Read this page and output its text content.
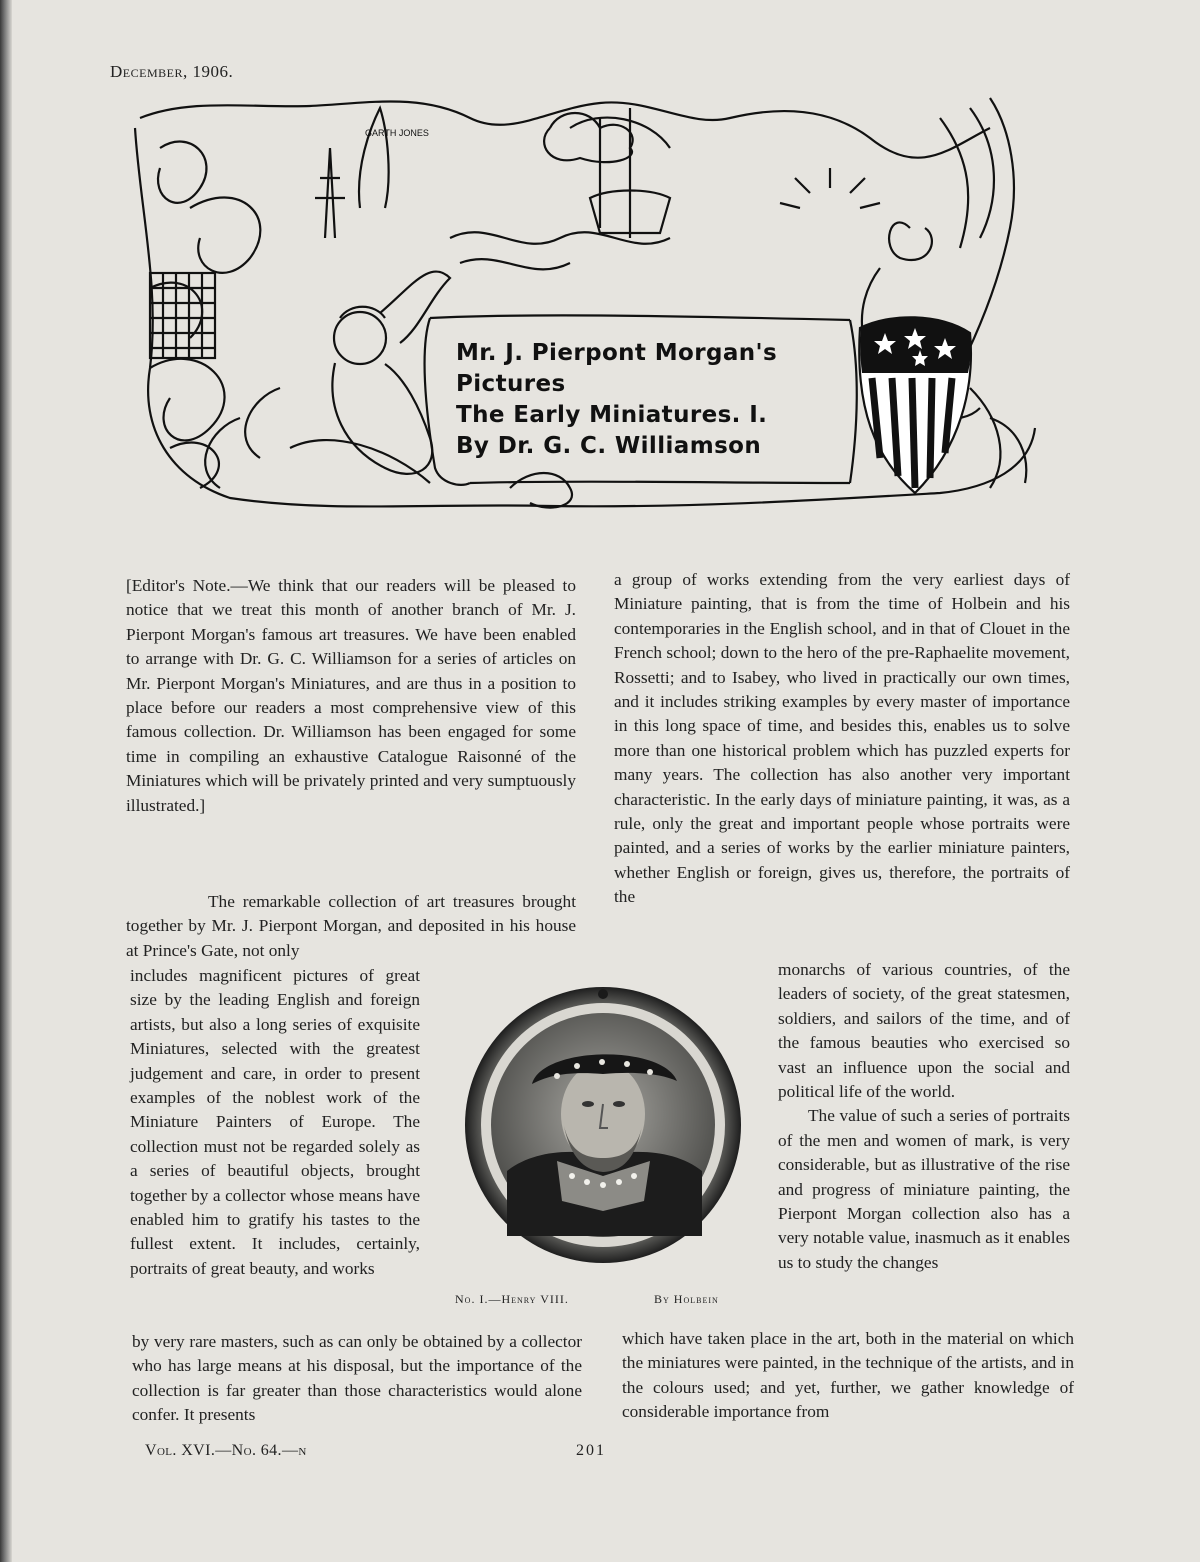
December, 1906.
GARTH JONES
Mr. J. Pierpont Morgan's
Pictures
The Early Miniatures. I.
By Dr. G. C. Williamson

[Editor's Note.—We think that our readers will be pleased to notice that we treat this month of another branch of Mr. J. Pierpont Morgan's famous art treasures. We have been enabled to arrange with Dr. G. C. Williamson for a series of articles on Mr. Pierpont Morgan's Miniatures, and are thus in a position to place before our readers a most comprehensive view of this famous collection. Dr. Williamson has been engaged for some time in compiling an exhaustive Catalogue Raisonné of the Miniatures which will be privately printed and very sumptuously illustrated.]

The remarkable collection of art treasures brought together by Mr. J. Pierpont Morgan, and deposited in his house at Prince's Gate, not only

includes magnificent pictures of great size by the leading English and foreign artists, but also a long series of exquisite Miniatures, selected with the greatest judgement and care, in order to present examples of the noblest work of the Miniature Painters of Europe. The collection must not be regarded solely as a series of beautiful objects, brought together by a collector whose means have enabled him to gratify his tastes to the fullest extent. It includes, certainly, portraits of great beauty, and works

by very rare masters, such as can only be obtained by a collector who has large means at his disposal, but the importance of the collection is far greater than those characteristics would alone confer. It presents

a group of works extending from the very earliest days of Miniature painting, that is from the time of Holbein and his contemporaries in the English school, and in that of Clouet in the French school; down to the hero of the pre-Raphaelite movement, Rossetti; and to Isabey, who lived in practically our own times, and it includes striking examples by every master of importance in this long space of time, and besides this, enables us to solve more than one historical problem which has puzzled experts for many years. The collection has also another very important characteristic. In the early days of miniature painting, it was, as a rule, only the great and important people whose portraits were painted, and a series of works by the earlier miniature painters, whether English or foreign, gives us, therefore, the portraits of the

monarchs of various countries, of the leaders of society, of the great statesmen, soldiers, and sailors of the time, and of the famous beauties who exercised so vast an influence upon the social and political life of the world.

The value of such a series of portraits of the men and women of mark, is very considerable, but as illustrative of the rise and progress of miniature painting, the Pierpont Morgan collection also has a very notable value, inasmuch as it enables us to study the changes

which have taken place in the art, both in the material on which the miniatures were painted, in the technique of the artists, and in the colours used; and yet, further, we gather knowledge of considerable importance from

No. I.—Henry VIII.	By Holbein
Vol. XVI.—No. 64.—n	201
